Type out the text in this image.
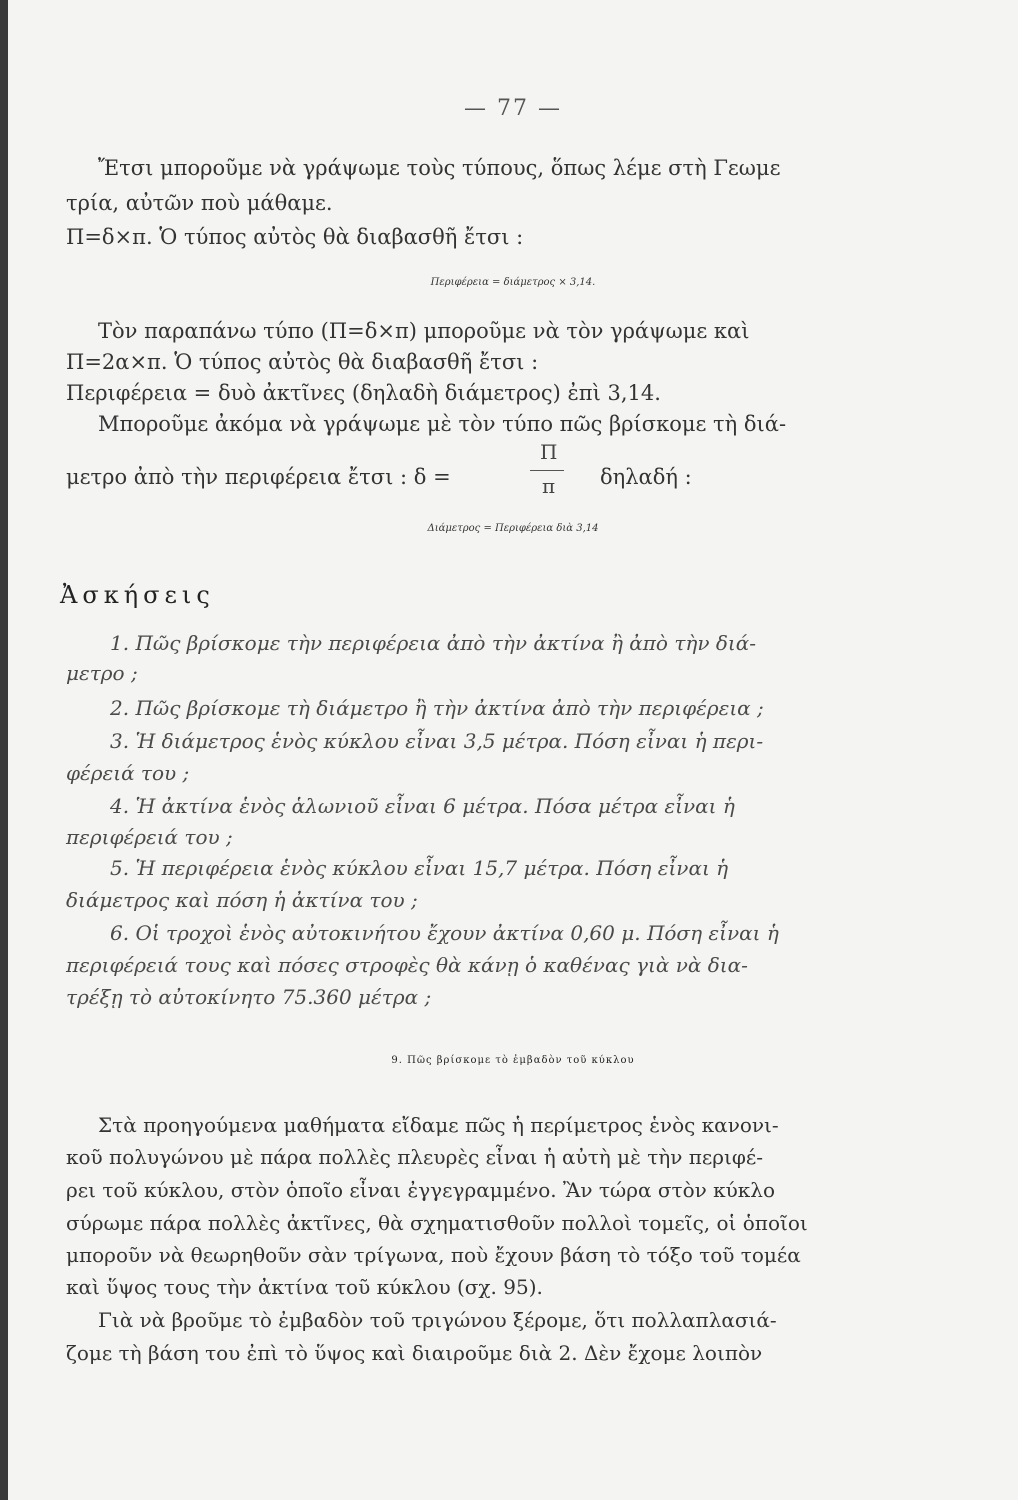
— 77 —
Ἔτσι μποροῦμε νὰ γράψωμε τοὺς τύπους, ὅπως λέμε στὴ Γεωμε
τρία, αὐτῶν ποὺ μάθαμε.
Π=δ×π. Ὁ τύπος αὐτὸς θὰ διαβασθῆ ἔτσι :
Περιφέρεια = διάμετρος × 3,14.
Τὸν παραπάνω τύπο (Π=δ×π) μποροῦμε νὰ τὸν γράψωμε καὶ
Π=2α×π. Ὁ τύπος αὐτὸς θὰ διαβασθῆ ἔτσι :
Περιφέρεια = δυὸ ἀκτῖνες (δηλαδὴ διάμετρος) ἐπὶ 3,14.
Μποροῦμε ἀκόμα νὰ γράψωμε μὲ τὸν τύπο πῶς βρίσκομε τὴ διά-
μετρο ἀπὸ τὴν περιφέρεια ἔτσι : δ =
Π
π δηλαδή :
Διάμετρος = Περιφέρεια διὰ 3,14
Ἀσκήσεις
1. Πῶς βρίσκομε τὴν περιφέρεια ἀπὸ τὴν ἀκτίνα ἢ ἀπὸ τὴν διά-
μετρο ;
2. Πῶς βρίσκομε τὴ διάμετρο ἢ τὴν ἀκτίνα ἀπὸ τὴν περιφέρεια ;
3. Ἡ διάμετρος ἑνὸς κύκλου εἶναι 3,5 μέτρα. Πόση εἶναι ἡ περι-
φέρειά του ;
4. Ἡ ἀκτίνα ἑνὸς ἁλωνιοῦ εἶναι 6 μέτρα. Πόσα μέτρα εἶναι ἡ
περιφέρειά του ;
5. Ἡ περιφέρεια ἑνὸς κύκλου εἶναι 15,7 μέτρα. Πόση εἶναι ἡ
διάμετρος καὶ πόση ἡ ἀκτίνα του ;
6. Οἱ τροχοὶ ἑνὸς αὐτοκινήτου ἔχουν ἀκτίνα 0,60 μ. Πόση εἶναι ἡ
περιφέρειά τους καὶ πόσες στροφὲς θὰ κάνῃ ὁ καθένας γιὰ νὰ δια-
τρέξῃ τὸ αὐτοκίνητο 75.360 μέτρα ;
9. Πῶς βρίσκομε τὸ ἐμβαδὸν τοῦ κύκλου
Στὰ προηγούμενα μαθήματα εἴδαμε πῶς ἡ περίμετρος ἑνὸς κανονι-
κοῦ πολυγώνου μὲ πάρα πολλὲς πλευρὲς εἶναι ἡ αὐτὴ μὲ τὴν περιφέ-
ρει τοῦ κύκλου, στὸν ὁποῖο εἶναι ἐγγεγραμμένο. Ἂν τώρα στὸν κύκλο
σύρωμε πάρα πολλὲς ἀκτῖνες, θὰ σχηματισθοῦν πολλοὶ τομεῖς, οἱ ὁποῖοι
μποροῦν νὰ θεωρηθοῦν σὰν τρίγωνα, ποὺ ἔχουν βάση τὸ τόξο τοῦ τομέα
καὶ ὕψος τους τὴν ἀκτίνα τοῦ κύκλου (σχ. 95).
Γιὰ νὰ βροῦμε τὸ ἐμβαδὸν τοῦ τριγώνου ξέρομε, ὅτι πολλαπλασιά-
ζομε τὴ βάση του ἐπὶ τὸ ὕψος καὶ διαιροῦμε διὰ 2. Δὲν ἔχομε λοιπὸν
